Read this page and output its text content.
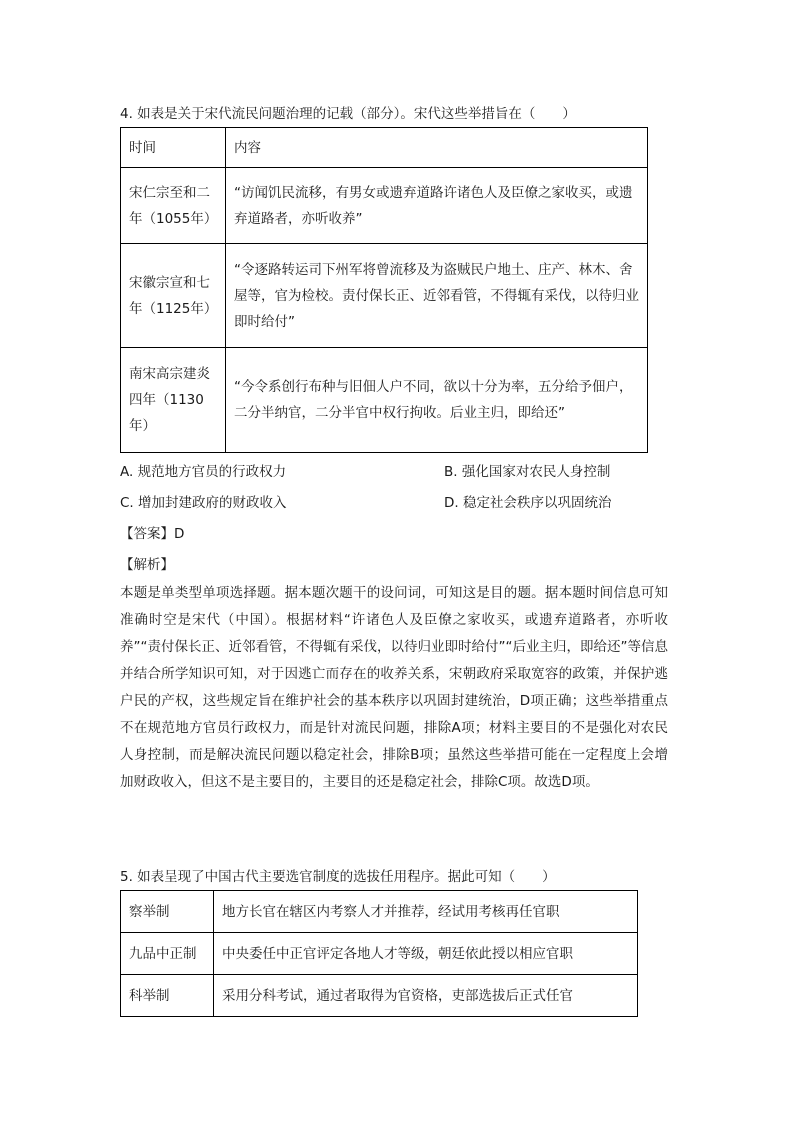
4. 如表是关于宋代流民问题治理的记载（部分）。宋代这些举措旨在（　　）

时间	内容
宋仁宗至和二年（1055年）	“访闻饥民流移，有男女或遗弃道路许诸色人及臣僚之家收买，或遗弃道路者，亦听收养”
宋徽宗宣和七年（1125年）	“令逐路转运司下州军将曾流移及为盗贼民户地土、庄产、林木、舍屋等，官为检校。责付保长正、近邻看管，不得辄有采伐，以待归业即时给付”
南宋高宗建炎四年（1130年）	“今令系创行布种与旧佃人户不同，欲以十分为率，五分给予佃户，二分半纳官，二分半官中权行拘收。后业主归，即给还”

A. 规范地方官员的行政权力	B. 强化国家对农民人身控制

C. 增加封建政府的财政收入	D. 稳定社会秩序以巩固统治

【答案】D

【解析】

本题是单类型单项选择题。据本题次题干的设问词，可知这是目的题。据本题时间信息可知准确时空是宋代（中国）。根据材料“许诸色人及臣僚之家收买，或遗弃道路者，亦听收养”“责付保长正、近邻看管，不得辄有采伐，以待归业即时给付”“后业主归，即给还”等信息并结合所学知识可知，对于因逃亡而存在的收养关系，宋朝政府采取宽容的政策，并保护逃户民的产权，这些规定旨在维护社会的基本秩序以巩固封建统治，D项正确；这些举措重点不在规范地方官员行政权力，而是针对流民问题，排除A项；材料主要目的不是强化对农民人身控制，而是解决流民问题以稳定社会，排除B项；虽然这些举措可能在一定程度上会增加财政收入，但这不是主要目的，主要目的还是稳定社会，排除C项。故选D项。

5. 如表呈现了中国古代主要选官制度的选拔任用程序。据此可知（　　）

察举制	地方长官在辖区内考察人才并推荐，经试用考核再任官职
九品中正制	中央委任中正官评定各地人才等级，朝廷依此授以相应官职
科举制	采用分科考试，通过者取得为官资格，吏部选拔后正式任官
